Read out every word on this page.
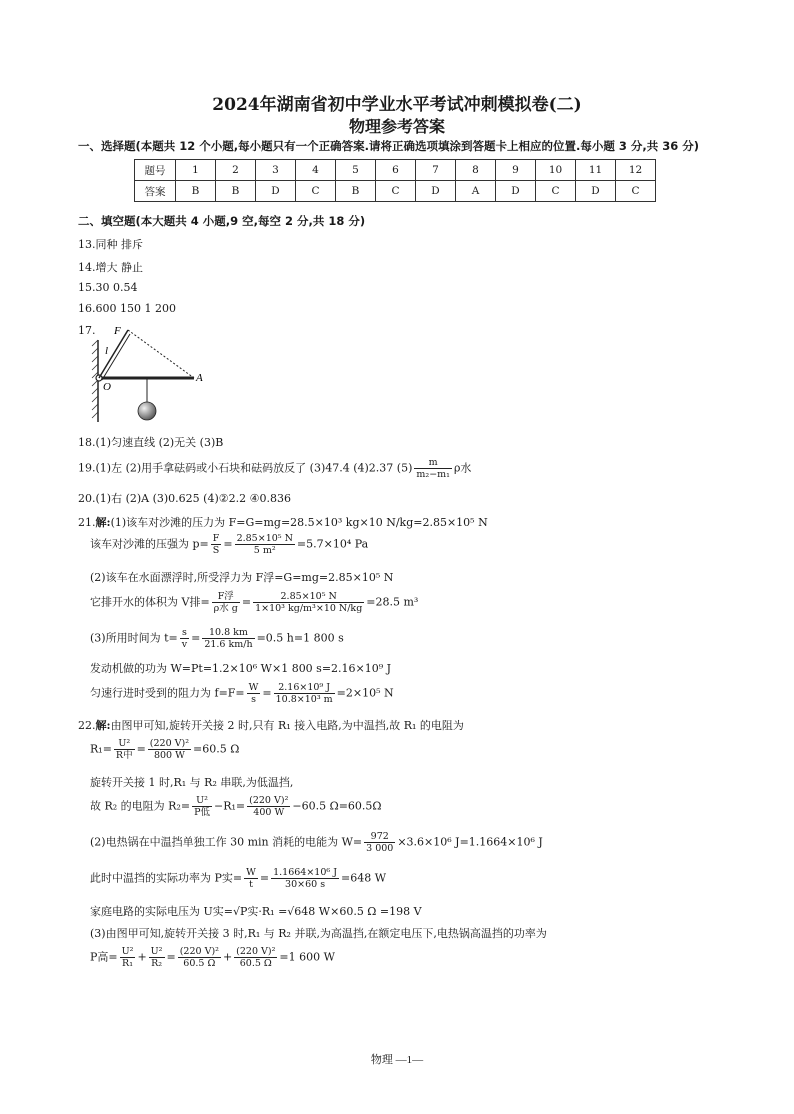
2024年湖南省初中学业水平考试冲刺模拟卷(二)
物理参考答案
一、选择题(本题共 12 个小题,每小题只有一个正确答案.请将正确选项填涂到答题卡上相应的位置.每小题 3 分,共 36 分)
题号	1	2	3	4	5	6	7	8	9	10	11	12
答案	B	B	D	C	B	C	D	A	D	C	D	C
二、填空题(本大题共 4 小题,9 空,每空 2 分,共 18 分)
13.同种 排斥
14.增大 静止
15.30 0.54
16.600 150 1 200
17. F
l
O
A
18.(1)匀速直线 (2)无关 (3)B
19.(1)左 (2)用手拿砝码或小石块和砝码放反了 (3)47.4 (4)2.37 $(5) \frac{m}{\text{m₂−m₁}}$ ρ水
20.(1)右 (2)A (3)0.625 (4)②2.2 ④0.836
21.解:(1)该车对沙滩的压力为 F=G=mg=28.5×10³ kg×10 N/kg=2.85×10⁵ N
该车对沙滩的压强为 $p= \frac{F}{S} = \frac{\text{2.85×10⁵ N}}{\text{5 m²}} =5.7\times 10^4$ Pa
(2)该车在水面漂浮时,所受浮力为 F浮=G=mg=2.85×10⁵ N
它排开水的体积为 V排= $\frac{\text{F浮}}{\text{ρ水 g}} = \frac{\text{2.85×10⁵ N}}{\text{1×10³ kg/m³×10 N/kg}} =28.5$ m³
(3)所用时间为 $t= \frac{s}{v} = \frac{10.8 km}{21.6 km/h} =0.5$ h=1 800 s
发动机做的功为 W=Pt=1.2×10⁶ W×1 800 s=2.16×10⁹ J
匀速行进时受到的阻力为 $f=F= \frac{W}{s} = \frac{\text{2.16×10⁹ J}}{\text{10.8×10³ m}} =2\times 10^5$ N
22.解:由图甲可知,旋转开关接 2 时,只有 R₁ 接入电路,为中温挡,故 R₁ 的电阻为
$R_1= \frac{\text{U²}}{\text{R中}} = \frac{\text{(220 V)²}}{800 W} =60.5$ Ω
旋转开关接 1 时,R₁ 与 R₂ 串联,为低温挡,
故 R₂ 的电阻为 $R_2= \frac{\text{U²}}{\text{P低}} -R_1= \frac{\text{(220 V)²}}{400 W} -60.5$ Ω=60.5Ω
(2)电热锅在中温挡单独工作 30 min 消耗的电能为 $W= \frac{972}{3 000} \times 3.6\times 10^6$ J=1.1664×10⁶ J
此时中温挡的实际功率为 P实= $\frac{W}{t} = \frac{\text{1.1664×10⁶ J}}{30\times 60 s} =648$ W
家庭电路的实际电压为 U实=√P实·R₁ =√648 W×60.5 Ω =198 V
(3)由图甲可知,旋转开关接 3 时,R₁ 与 R₂ 并联,为高温挡,在额定电压下,电热锅高温挡的功率为
P高= $\frac{\text{U²}}{\text{R₁}} + \frac{\text{U²}}{\text{R₂}} = \frac{\text{(220 V)²}}{60.5 \Omega} + \frac{\text{(220 V)²}}{60.5 \Omega} =1$ 600 W
物理 —1—
